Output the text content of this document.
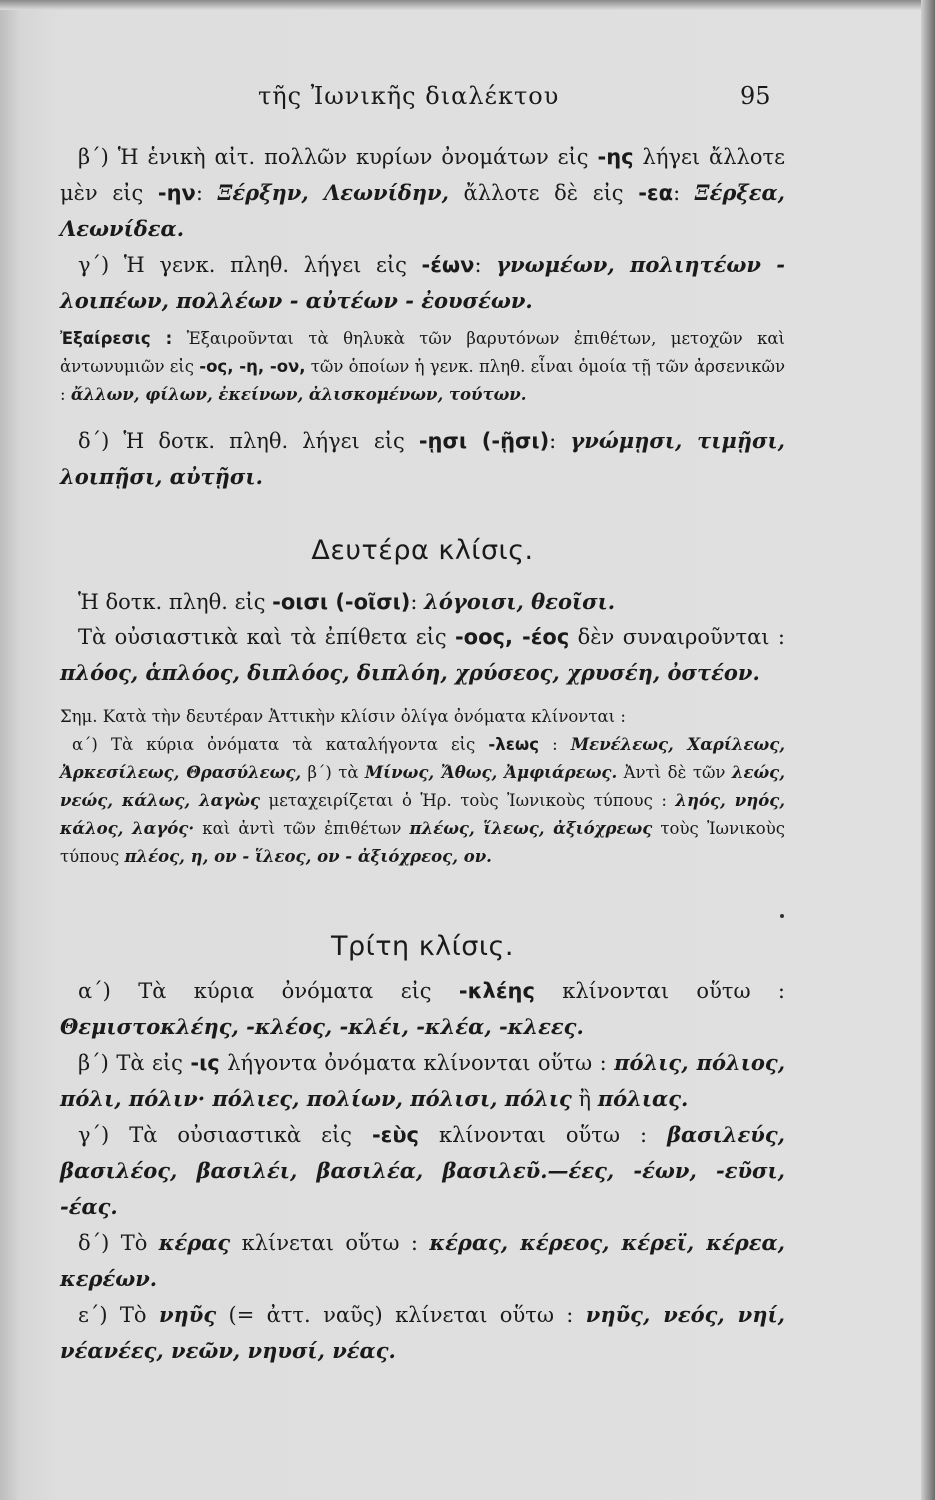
τῆς Ἰωνικῆς διαλέκτου	95

β΄) Ἡ ἑνικὴ αἰτ. πολλῶν κυρίων ὀνομάτων εἰς -ης λήγει ἄλλοτε μὲν εἰς -ην: Ξέρξην, Λεωνίδην, ἄλλοτε δὲ εἰς -εα: Ξέρξεα, Λεωνίδεα.

γ΄) Ἡ γενκ. πληθ. λήγει εἰς -έων: γνωμέων, πολιητέων - λοιπέων, πολλέων - αὐτέων - ἐουσέων.

Ἐξαίρεσις : Ἐξαιροῦνται τὰ θηλυκὰ τῶν βαρυτόνων ἐπιθέτων, μετοχῶν καὶ ἀντωνυμιῶν εἰς -ος, -η, -ον, τῶν ὁποίων ἡ γενκ. πληθ. εἶναι ὁμοία τῇ τῶν ἀρσενικῶν : ἄλλων, φίλων, ἐκείνων, ἀλισκομένων, τούτων.

δ΄) Ἡ δοτκ. πληθ. λήγει εἰς -ῃσι (-ῇσι): γνώμῃσι, τιμῇσι, λοιπῇσι, αὐτῇσι.

Δευτέρα κλίσις.

Ἡ δοτκ. πληθ. εἰς -οισι (-οῖσι): λόγοισι, θεοῖσι.

Τὰ οὐσιαστικὰ καὶ τὰ ἐπίθετα εἰς -οος, -έος δὲν συναιροῦνται : πλόος, ἁπλόος, διπλόος, διπλόη, χρύσεος, χρυσέη, ὀστέον.

Σημ. Κατὰ τὴν δευτέραν Ἀττικὴν κλίσιν ὀλίγα ὀνόματα κλίνονται :

α΄) Τὰ κύρια ὀνόματα τὰ καταλήγοντα εἰς -λεως : Μενέλεως, Χαρίλεως, Ἀρκεσίλεως, Θρασύλεως, β΄) τὰ Μίνως, Ἄθως, Ἀμφιάρεως. Ἀντὶ δὲ τῶν λεώς, νεώς, κάλως, λαγὼς μεταχειρίζεται ὁ Ἡρ. τοὺς Ἰωνικοὺς τύπους : ληός, νηός, κάλος, λαγός· καὶ ἀντὶ τῶν ἐπιθέτων πλέως, ἵλεως, ἀξιόχρεως τοὺς Ἰωνικοὺς τύπους πλέος, η, ον - ἵλεος, ον - ἀξιόχρεος, ον.

Τρίτη κλίσις.

α΄) Τὰ κύρια ὀνόματα εἰς -κλέης κλίνονται οὕτω : Θεμιστοκλέης, -κλέος, -κλέι, -κλέα, -κλεες.

β΄) Τὰ εἰς -ις λήγοντα ὀνόματα κλίνονται οὕτω : πόλις, πόλιος, πόλι, πόλιν· πόλιες, πολίων, πόλισι, πόλις ἢ πόλιας.

γ΄) Τὰ οὐσιαστικὰ εἰς -εὺς κλίνονται οὕτω : βασιλεύς, βασιλέος, βασιλέι, βασιλέα, βασιλεῦ.—έες, -έων, -εῦσι, -έας.

δ΄) Τὸ κέρας κλίνεται οὕτω : κέρας, κέρεος, κέρεϊ, κέρεα, κερέων.

ε΄) Τὸ νηῦς (= ἀττ. ναῦς) κλίνεται οὕτω : νηῦς, νεός, νηί, νέανέες, νεῶν, νηυσί, νέας.
